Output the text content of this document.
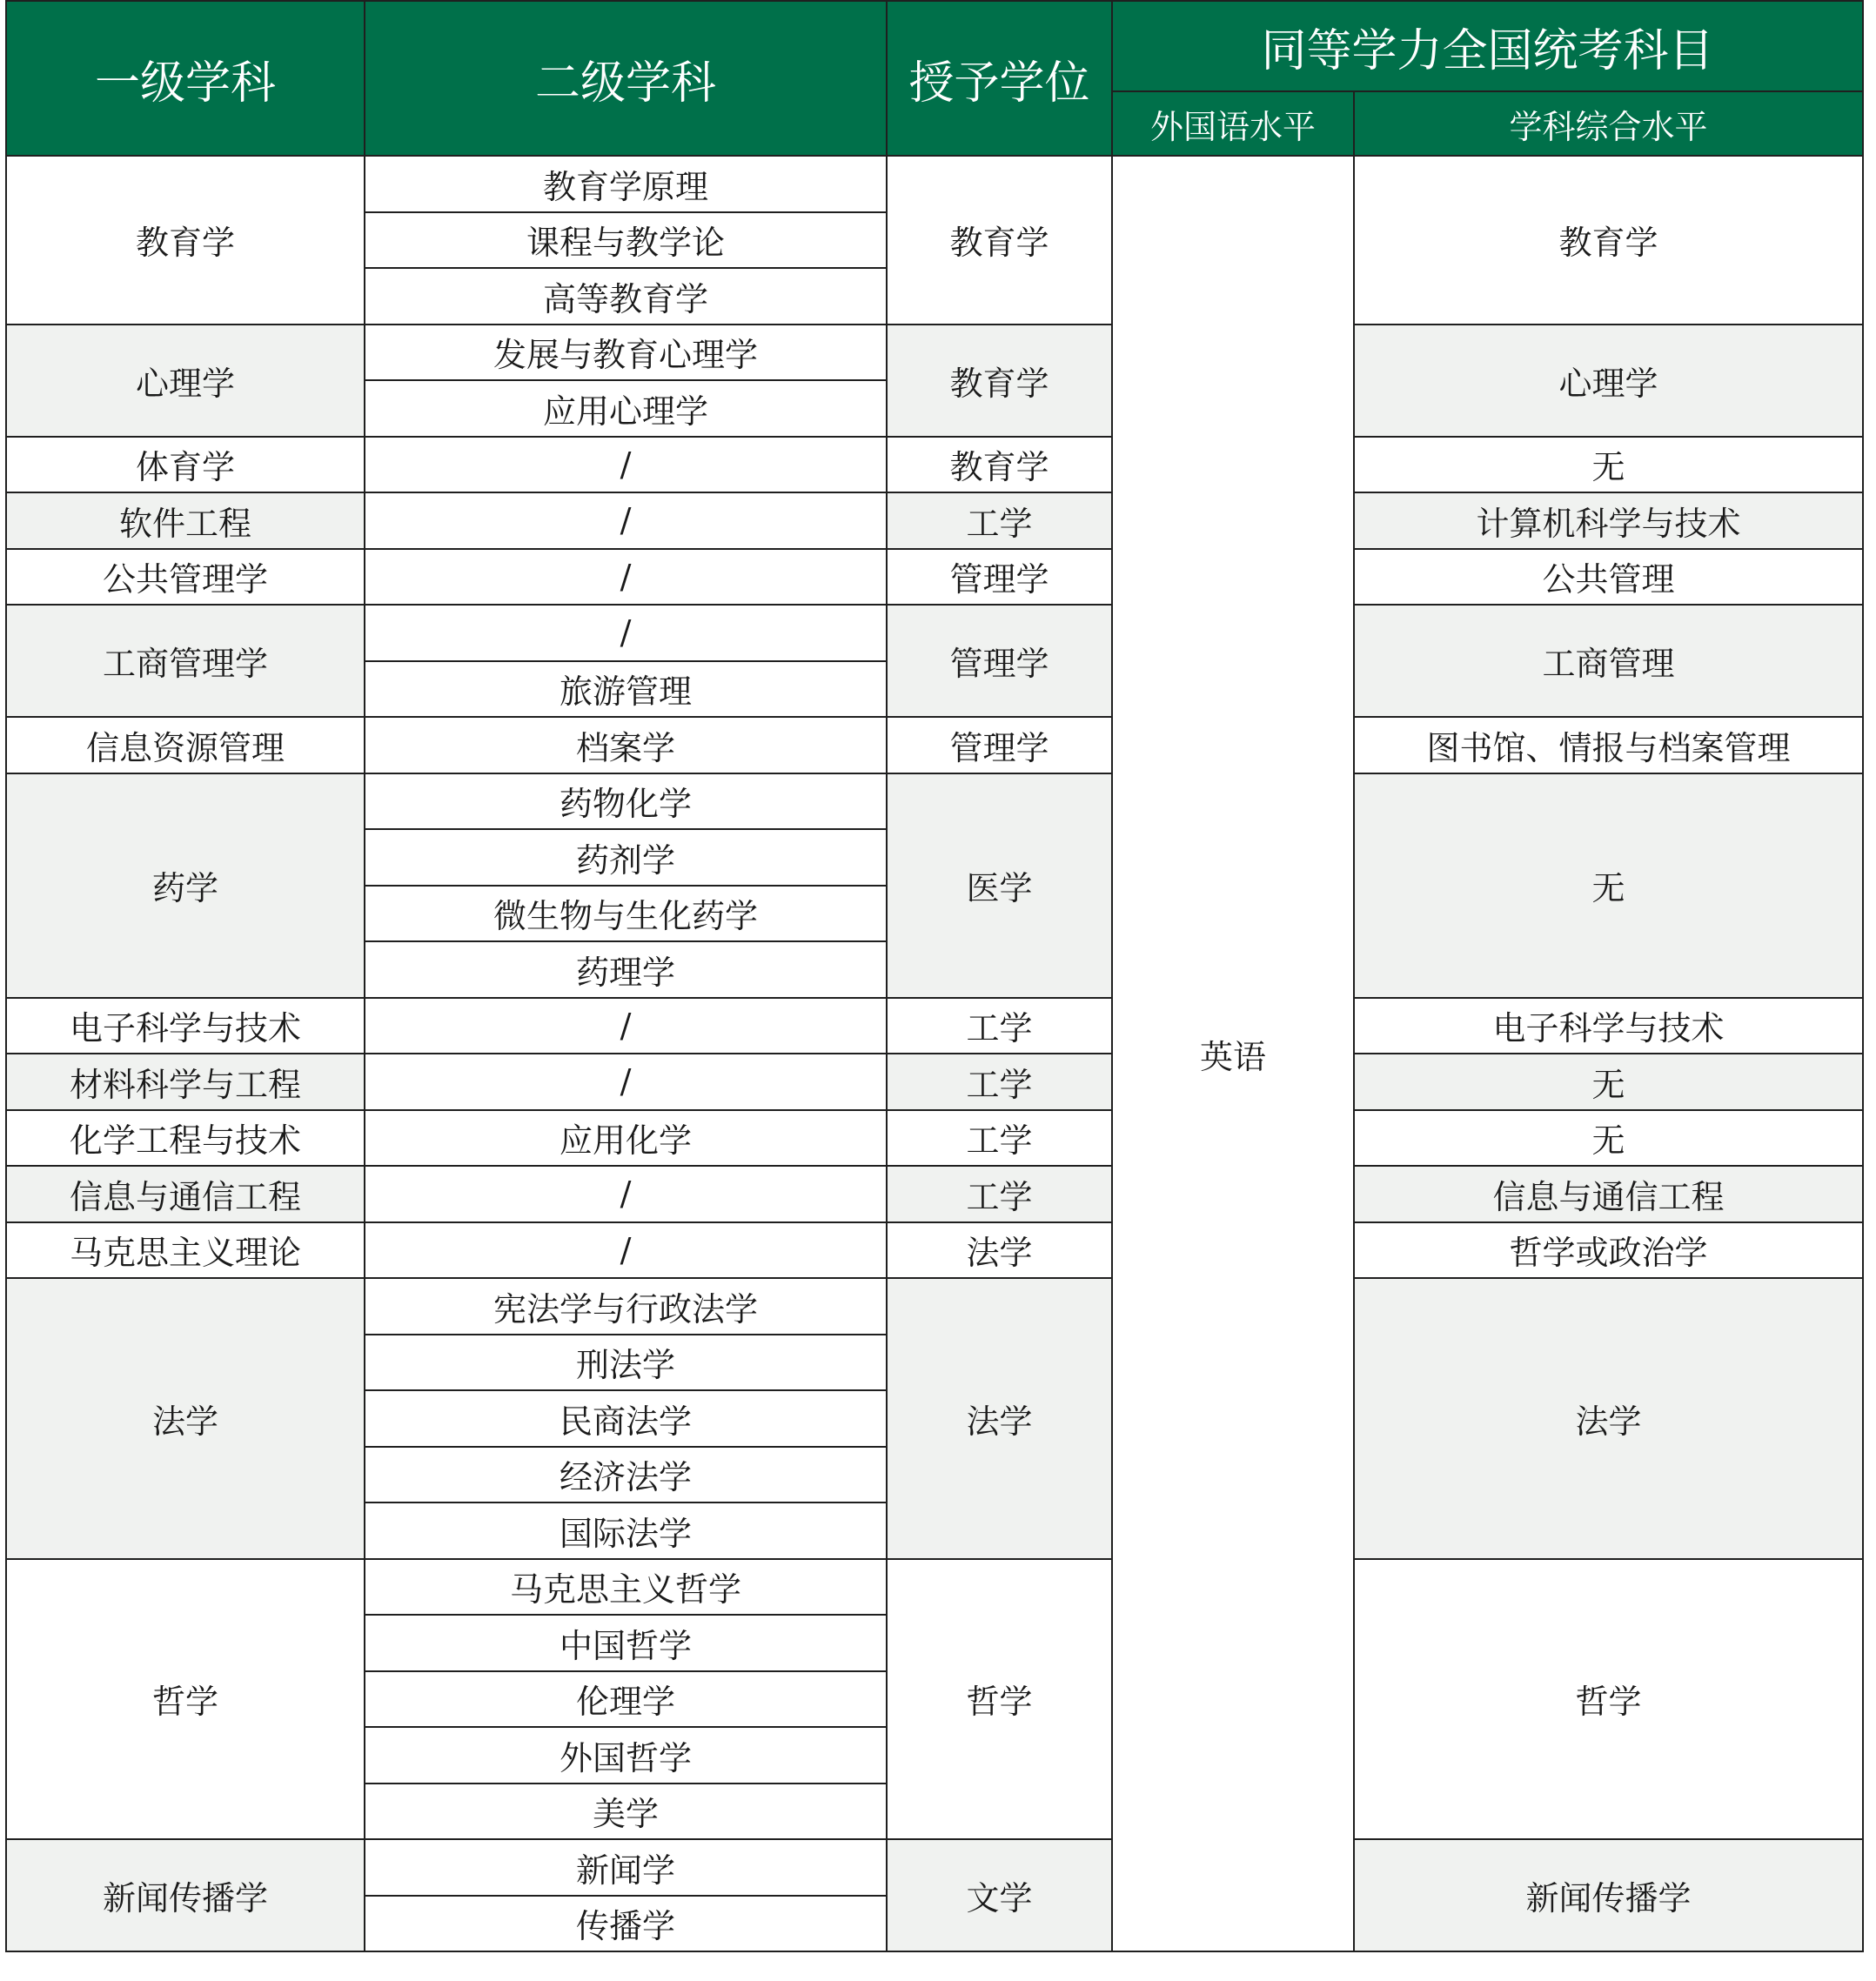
一级学科	二级学科	授予学位	同等学力全国统考科目	
			外国语水平	学科综合水平
教育学	教育学原理	教育学	英语	教育学
	课程与教学论			
	高等教育学			
心理学	发展与教育心理学	教育学		心理学
	应用心理学			
体育学	/	教育学		无
软件工程	/	工学		计算机科学与技术
公共管理学	/	管理学		公共管理
工商管理学	/	管理学		工商管理
	旅游管理			
信息资源管理	档案学	管理学		图书馆、情报与档案管理
药学	药物化学	医学		无
	药剂学			
	微生物与生化药学			
	药理学			
电子科学与技术	/	工学		电子科学与技术
材料科学与工程	/	工学		无
化学工程与技术	应用化学	工学		无
信息与通信工程	/	工学		信息与通信工程
马克思主义理论	/	法学		哲学或政治学
法学	宪法学与行政法学	法学		法学
	刑法学			
	民商法学			
	经济法学			
	国际法学			
哲学	马克思主义哲学	哲学		哲学
	中国哲学			
	伦理学			
	外国哲学			
	美学			
新闻传播学	新闻学	文学		新闻传播学
	传播学			
